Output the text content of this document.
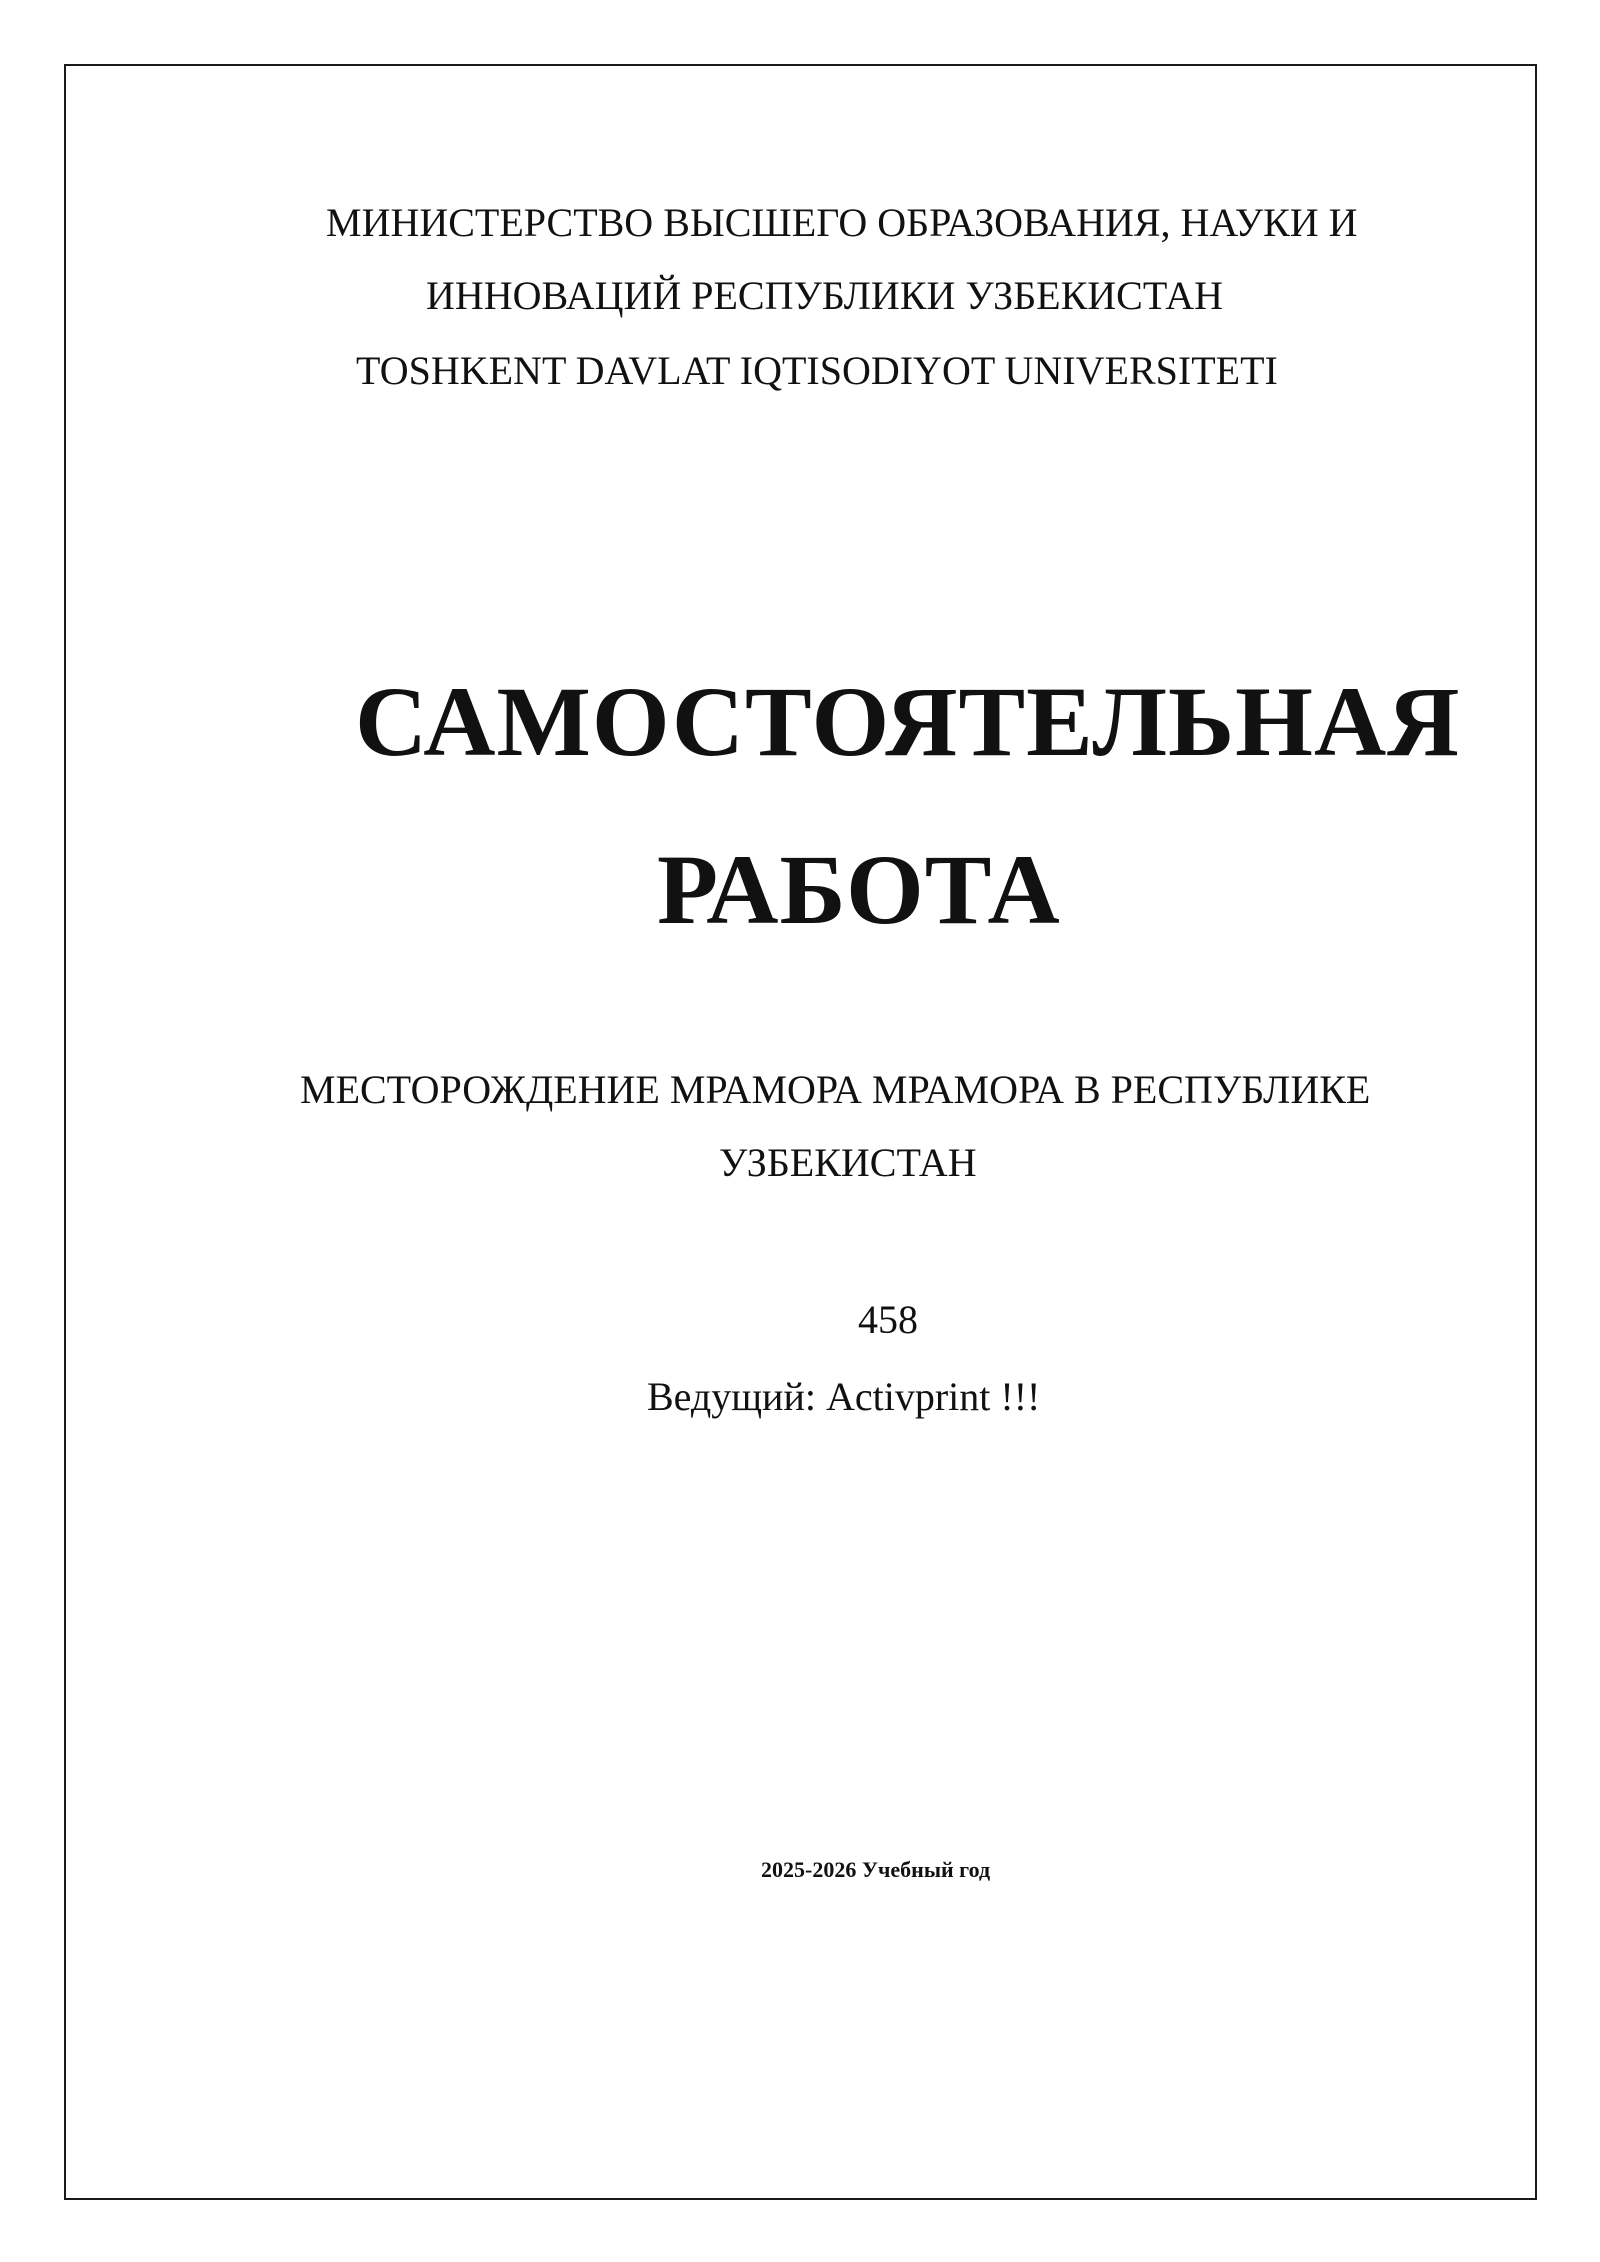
МИНИСТЕРСТВО ВЫСШЕГО ОБРАЗОВАНИЯ, НАУКИ И
ИННОВАЦИЙ РЕСПУБЛИКИ УЗБЕКИСТАН
TOSHKENT DAVLAT IQTISODIYOT UNIVERSITETI
САМОСТОЯТЕЛЬНАЯ
РАБОТА
МЕСТОРОЖДЕНИЕ МРАМОРА МРАМОРА В РЕСПУБЛИКЕ
УЗБЕКИСТАН
458
Ведущий: Activprint !!!
2025-2026 Учебный год
